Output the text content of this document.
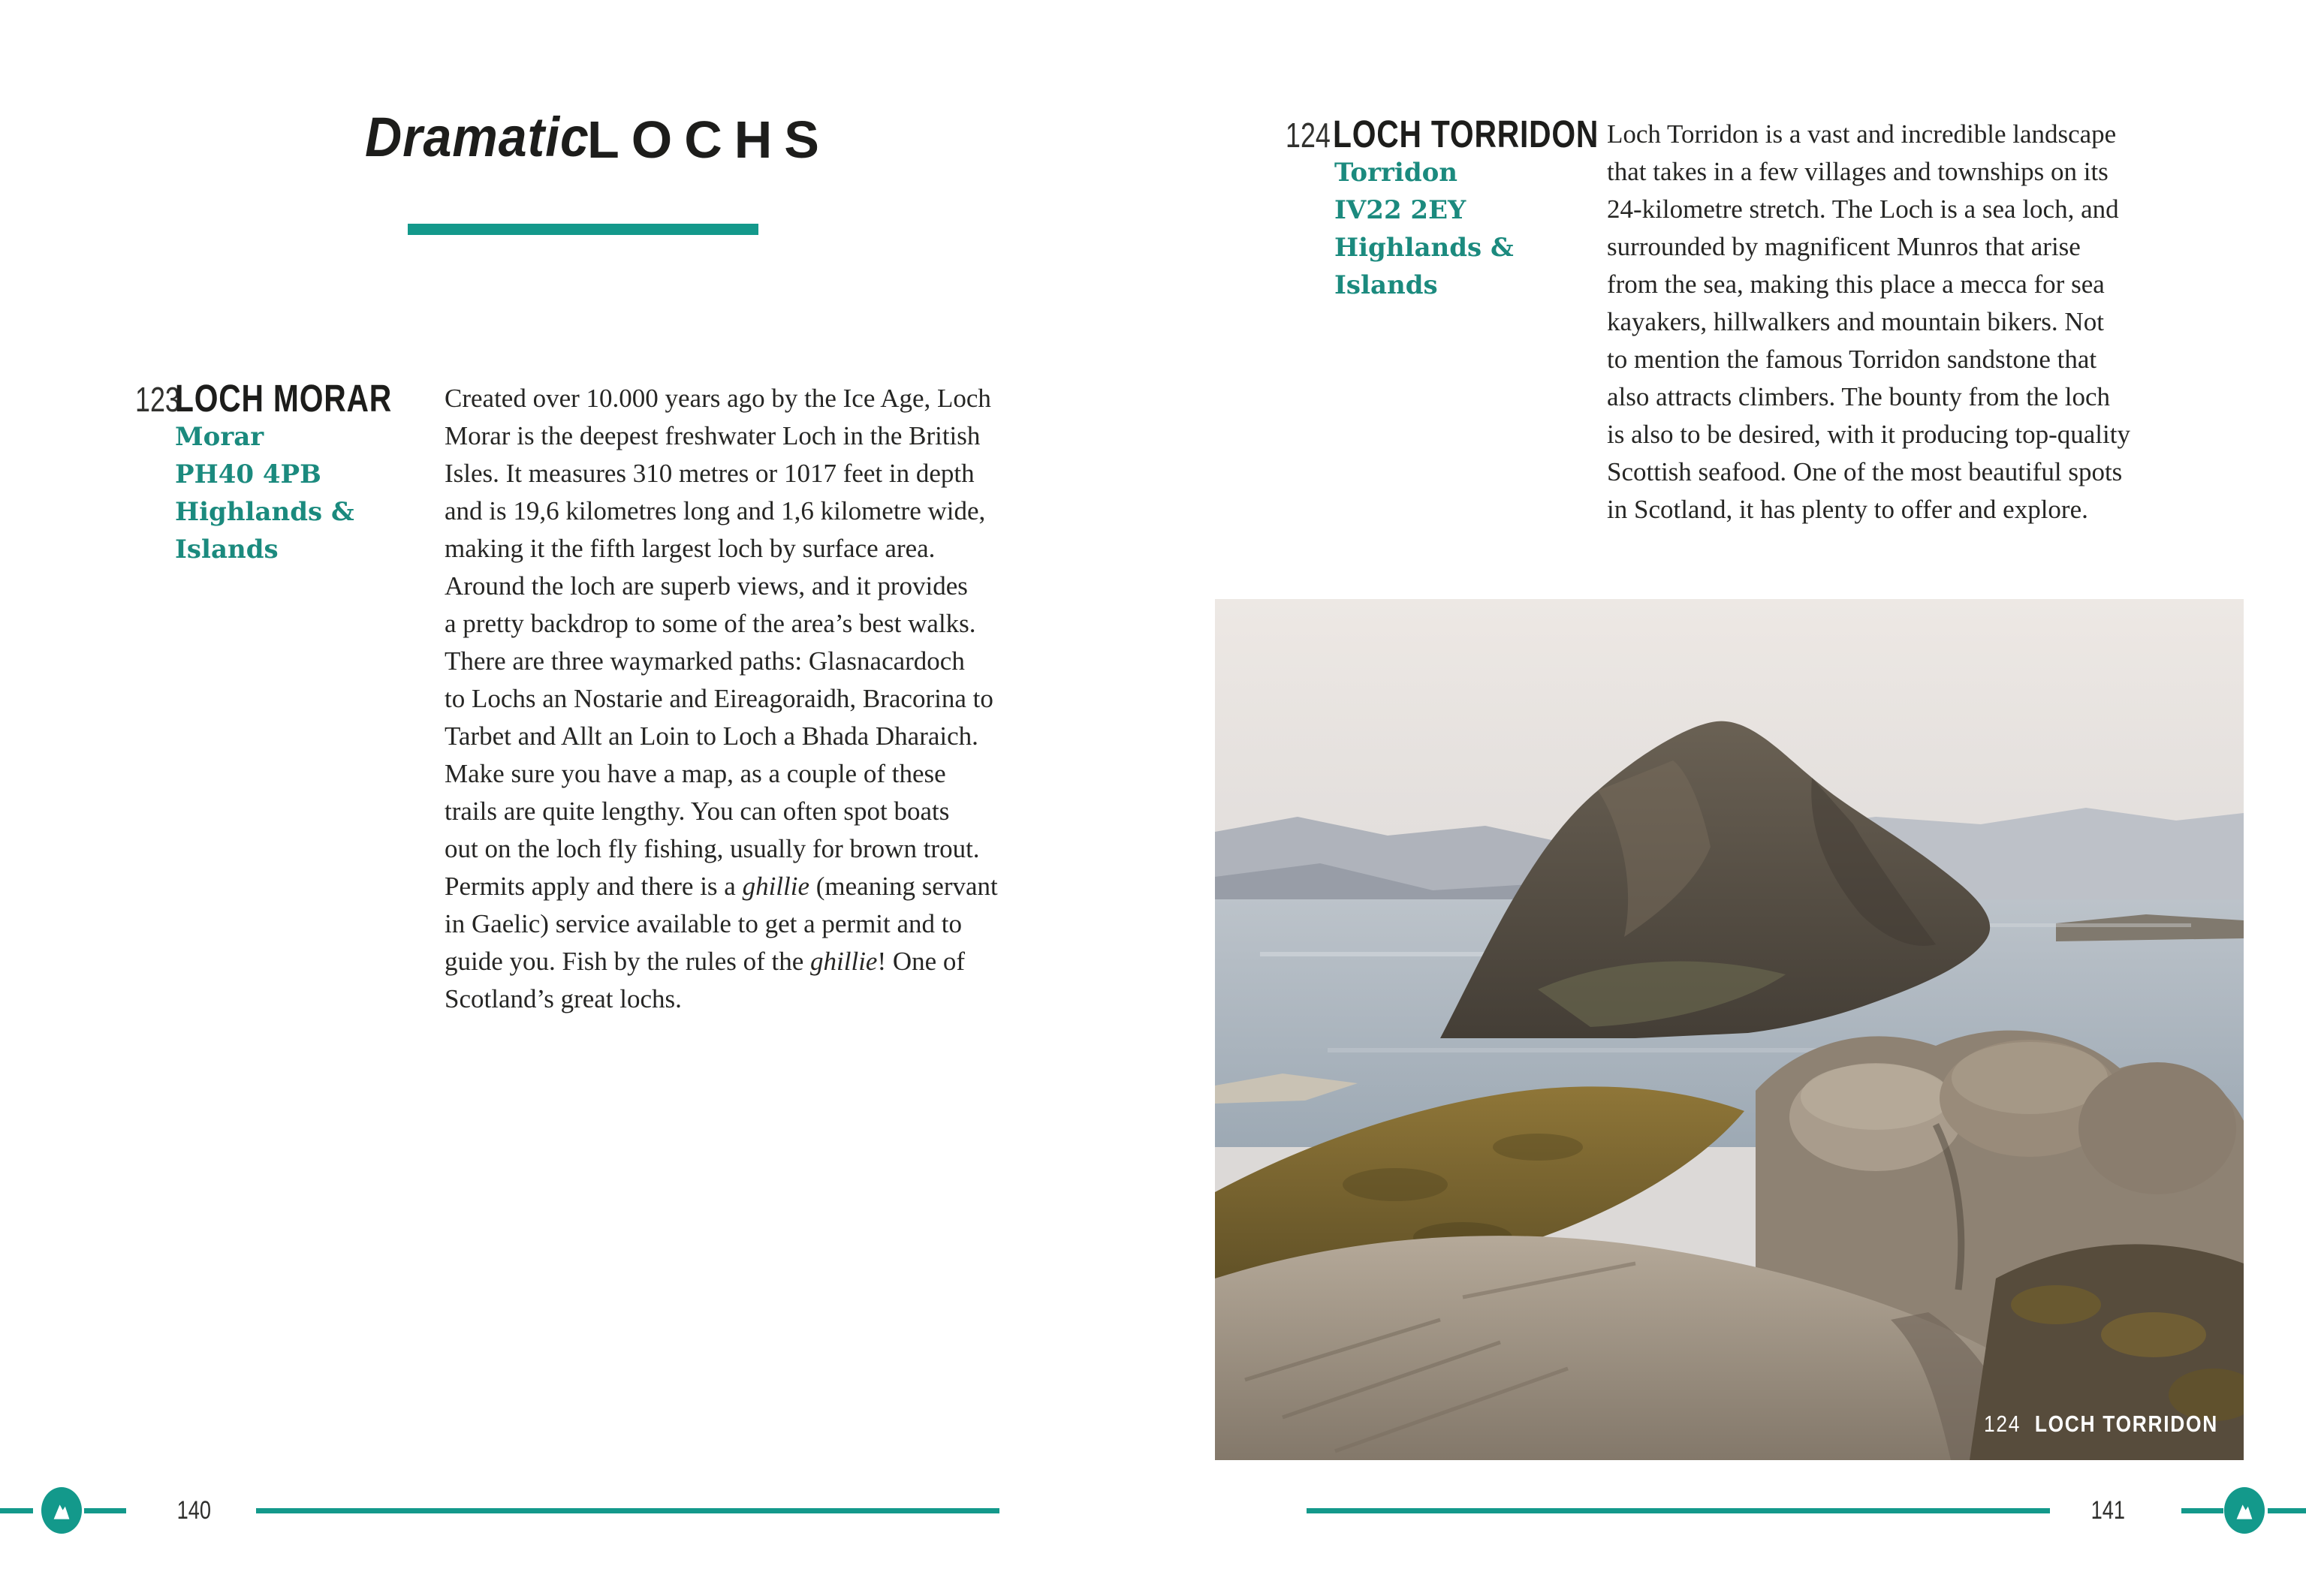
Dramatic
LOCHS
123
LOCH MORAR
Morar
PH40 4PB
Highlands &
Islands
Created over 10.000 years ago by the Ice Age, Loch
Morar is the deepest freshwater Loch in the British
Isles. It measures 310 metres or 1017 feet in depth
and is 19,6 kilometres long and 1,6 kilometre wide,
making it the fifth largest loch by surface area.
Around the loch are superb views, and it provides
a pretty backdrop to some of the area’s best walks.
There are three waymarked paths: Glasnacardoch
to Lochs an Nostarie and Eireagoraidh, Bracorina to
Tarbet and Allt an Loin to Loch a Bhada Dharaich.
Make sure you have a map, as a couple of these
trails are quite lengthy. You can often spot boats
out on the loch fly fishing, usually for brown trout.
Permits apply and there is a ghillie (meaning servant
in Gaelic) service available to get a permit and to
guide you. Fish by the rules of the ghillie! One of
Scotland’s great lochs.
124 LOCH TORRIDON
Torridon
IV22 2EY
Highlands &
Islands
Loch Torridon is a vast and incredible landscape
that takes in a few villages and townships on its
24-kilometre stretch. The Loch is a sea loch, and
surrounded by magnificent Munros that arise
from the sea, making this place a mecca for sea
kayakers, hillwalkers and mountain bikers. Not
to mention the famous Torridon sandstone that
also attracts climbers. The bounty from the loch
is also to be desired, with it producing top-quality
Scottish seafood. One of the most beautiful spots
in Scotland, it has plenty to offer and explore.
124 LOCH TORRIDON
140	141
